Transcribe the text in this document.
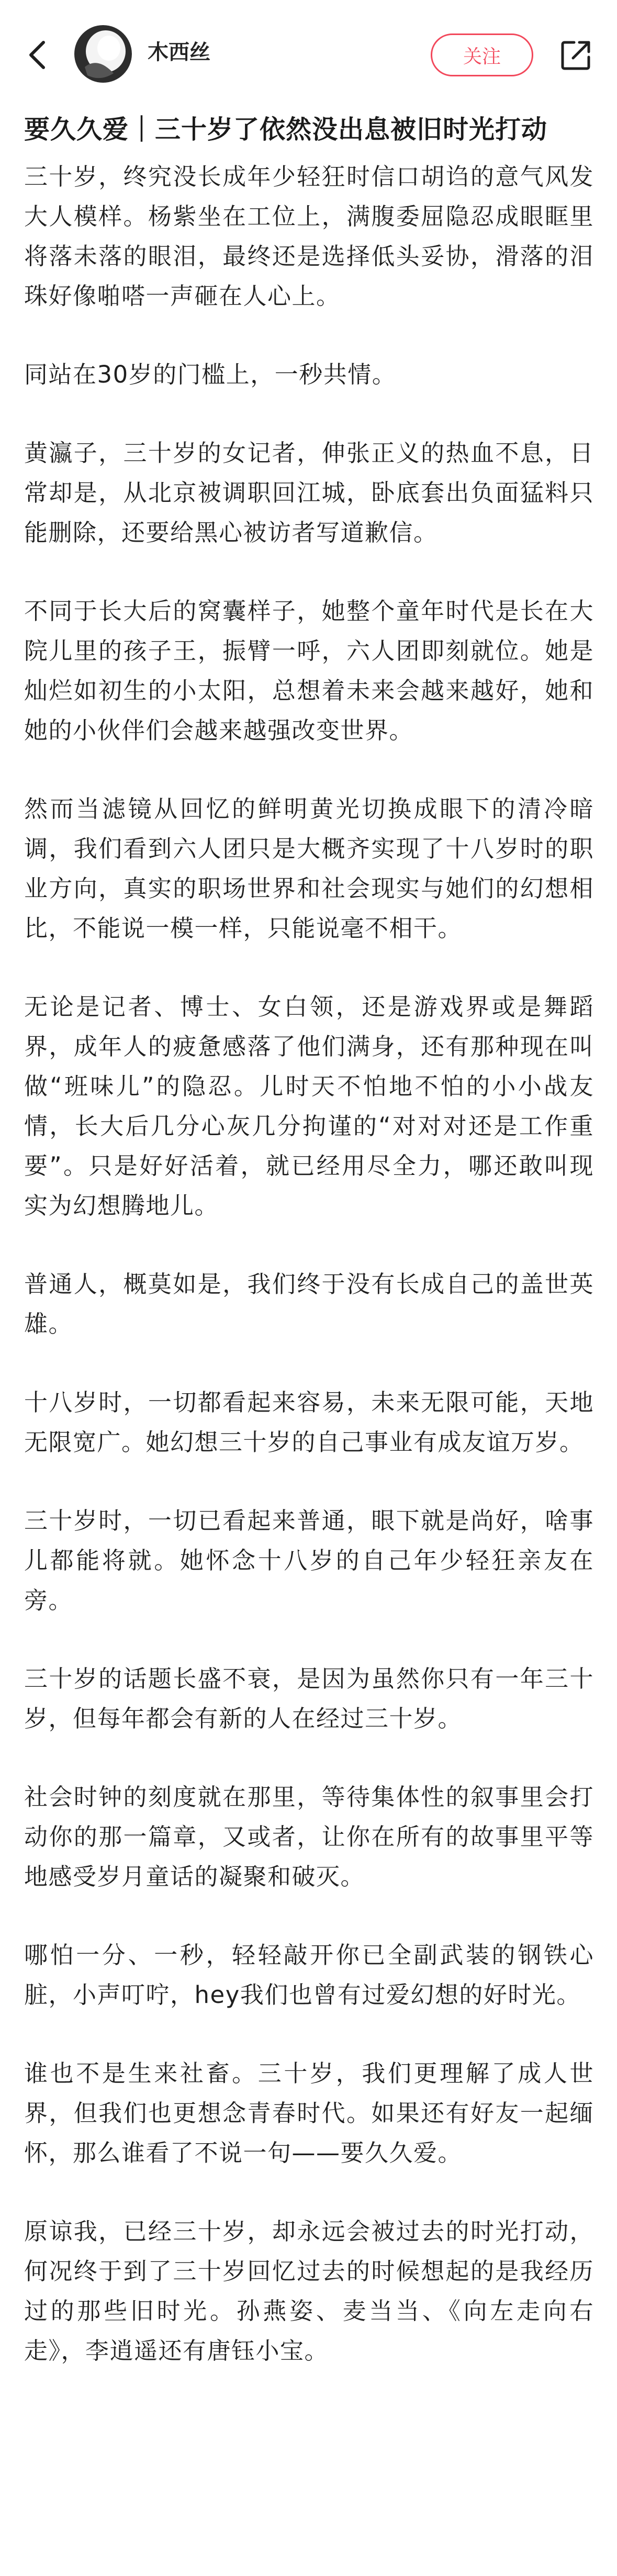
木西丝	关注
要久久爱｜三十岁了依然没出息被旧时光打动

三十岁，终究没长成年少轻狂时信口胡诌的意气风发大人模样。杨紫坐在工位上，满腹委屈隐忍成眼眶里将落未落的眼泪，最终还是选择低头妥协，滑落的泪珠好像啪嗒一声砸在人心上。

同站在30岁的门槛上，一秒共情。

黄瀛子，三十岁的女记者，伸张正义的热血不息，日常却是，从北京被调职回江城，卧底套出负面猛料只能删除，还要给黑心被访者写道歉信。

不同于长大后的窝囊样子，她整个童年时代是长在大院儿里的孩子王，振臂一呼，六人团即刻就位。她是灿烂如初生的小太阳，总想着未来会越来越好，她和她的小伙伴们会越来越强改变世界。

然而当滤镜从回忆的鲜明黄光切换成眼下的清冷暗调，我们看到六人团只是大概齐实现了十八岁时的职业方向，真实的职场世界和社会现实与她们的幻想相比，不能说一模一样，只能说毫不相干。

无论是记者、博士、女白领，还是游戏界或是舞蹈界，成年人的疲惫感落了他们满身，还有那种现在叫做“班味儿”的隐忍。儿时天不怕地不怕的小小战友情，长大后几分心灰几分拘谨的“对对对还是工作重要”。只是好好活着，就已经用尽全力，哪还敢叫现实为幻想腾地儿。

普通人，概莫如是，我们终于没有长成自己的盖世英雄。

十八岁时，一切都看起来容易，未来无限可能，天地无限宽广。她幻想三十岁的自己事业有成友谊万岁。

三十岁时，一切已看起来普通，眼下就是尚好，啥事儿都能将就。她怀念十八岁的自己年少轻狂亲友在旁。

三十岁的话题长盛不衰，是因为虽然你只有一年三十岁，但每年都会有新的人在经过三十岁。

社会时钟的刻度就在那里，等待集体性的叙事里会打动你的那一篇章，又或者，让你在所有的故事里平等地感受岁月童话的凝聚和破灭。

哪怕一分、一秒，轻轻敲开你已全副武装的钢铁心脏，小声叮咛，hey我们也曾有过爱幻想的好时光。

谁也不是生来社畜。三十岁，我们更理解了成人世界，但我们也更想念青春时代。如果还有好友一起缅怀，那么谁看了不说一句——要久久爱。

原谅我，已经三十岁，却永远会被过去的时光打动，何况终于到了三十岁回忆过去的时候想起的是我经历过的那些旧时光。孙燕姿、麦当当、《向左走向右走》，李逍遥还有唐钰小宝。
